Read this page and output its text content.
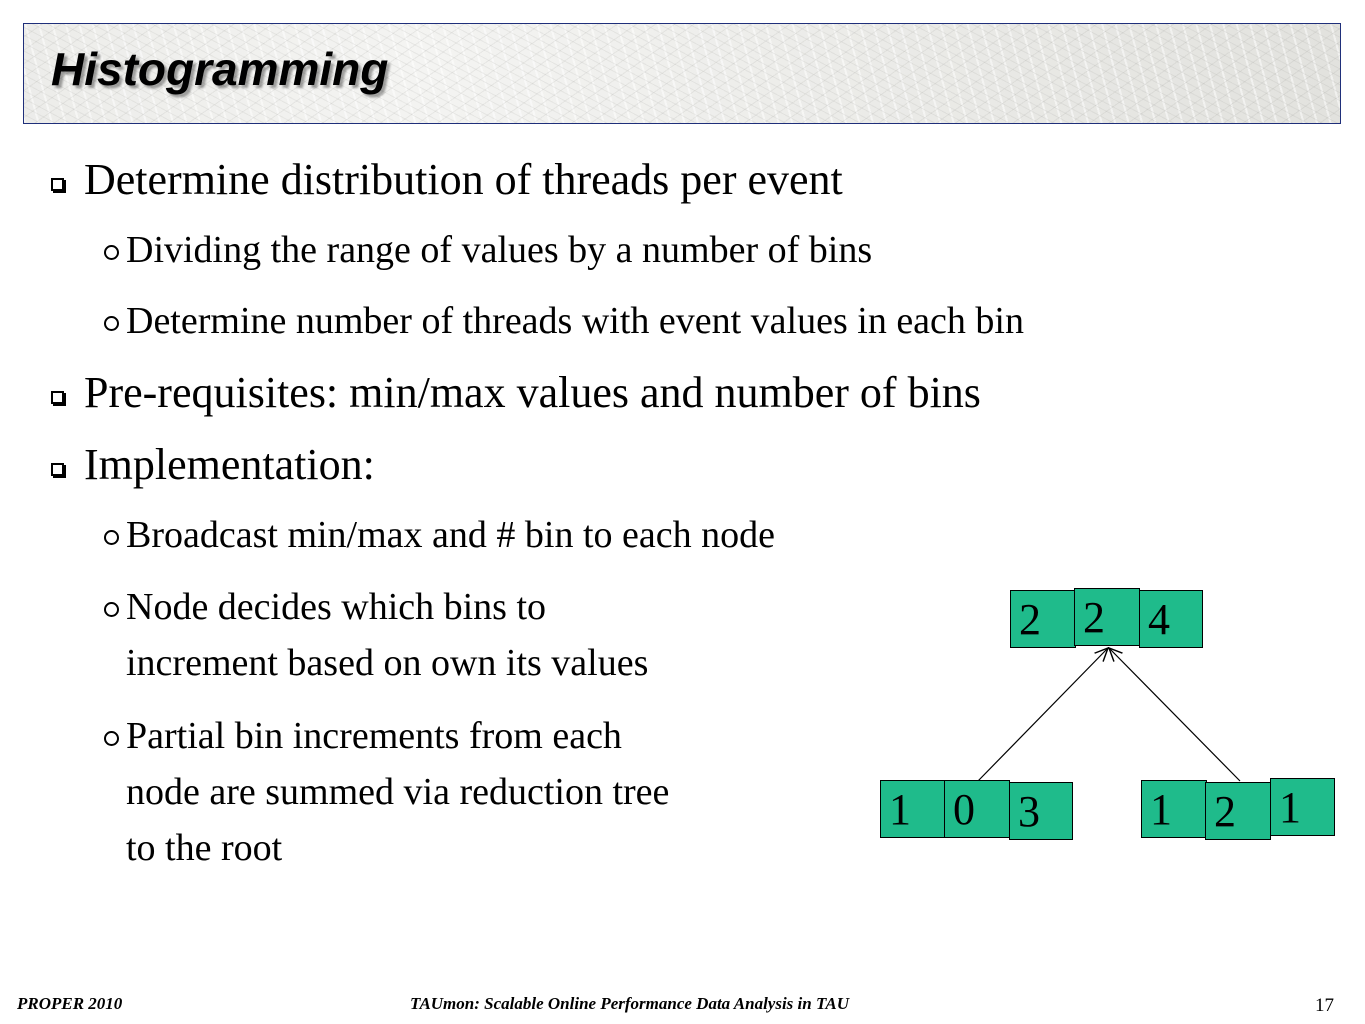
Histogramming
Determine distribution of threads per event
Dividing the range of values by a number of bins
Determine number of threads with event values in each bin
Pre-requisites: min/max values and number of bins
Implementation:
Broadcast min/max and # bin to each node
Node decides which bins to
increment based on own its values
Partial bin increments from each
node are summed via reduction tree
to the root
2 2 4
1 0 3	1 2 1
PROPER 2010	TAUmon: Scalable Online Performance Data Analysis in TAU	17
